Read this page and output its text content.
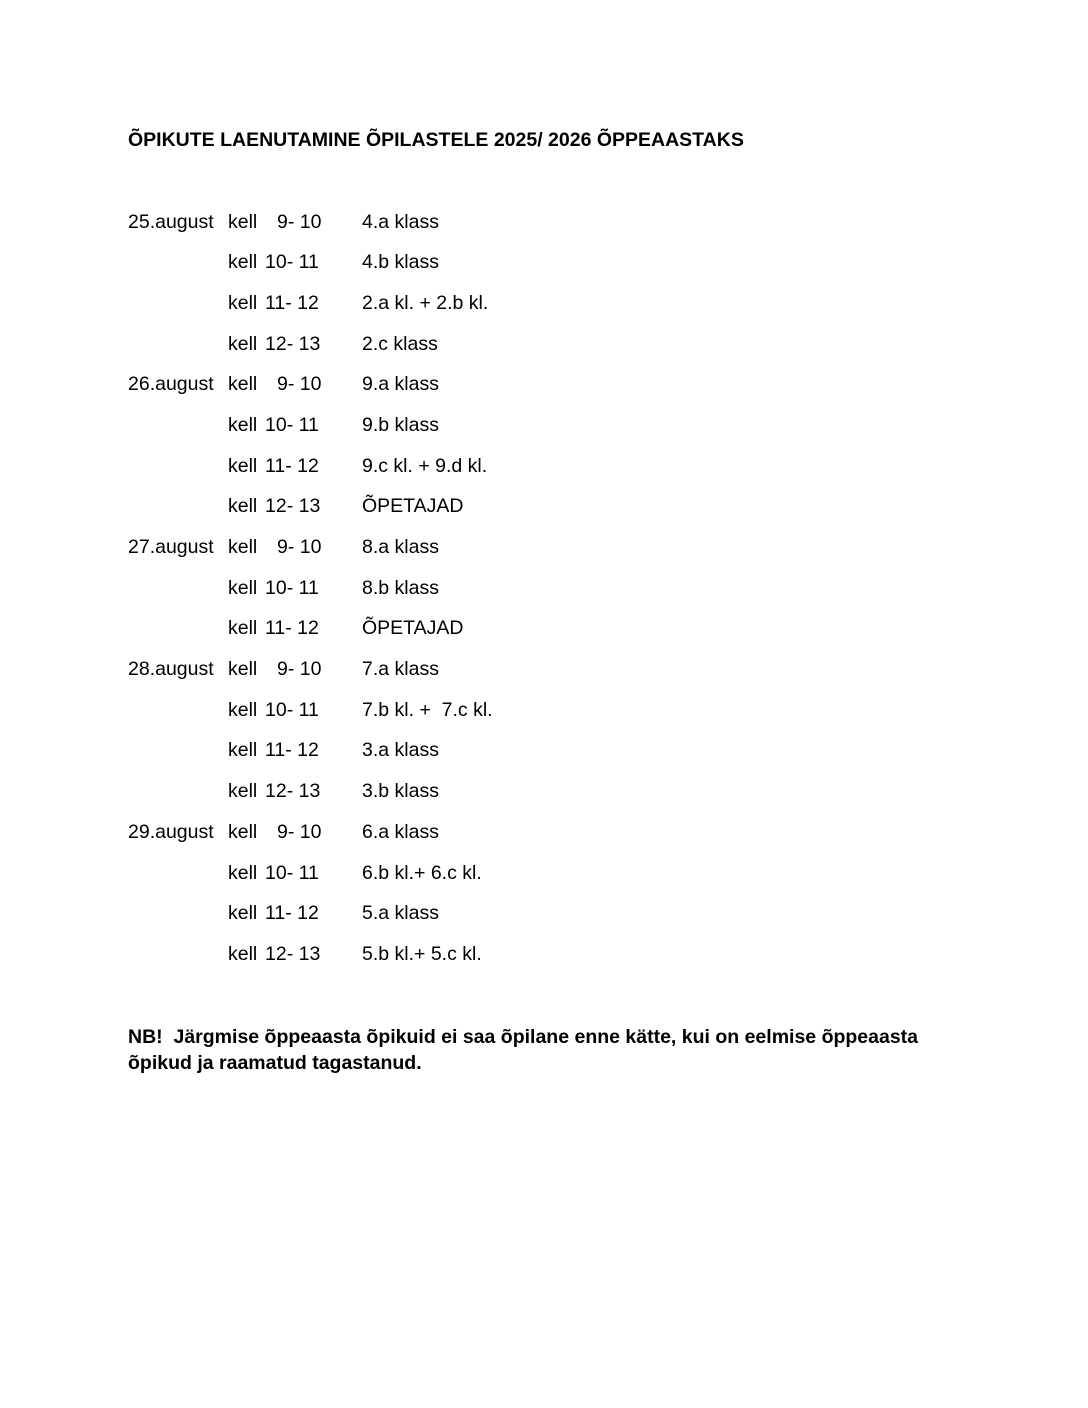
ÕPIKUTE LAENUTAMINE ÕPILASTELE 2025/ 2026 ÕPPEAASTAKS
25.august kell 9- 10 4.a klass
kell 10- 11 4.b klass
kell 11- 12 2.a kl. + 2.b kl.
kell 12- 13 2.c klass
26.august kell 9- 10 9.a klass
kell 10- 11 9.b klass
kell 11- 12 9.c kl. + 9.d kl.
kell 12- 13 ÕPETAJAD
27.august kell 9- 10 8.a klass
kell 10- 11 8.b klass
kell 11- 12 ÕPETAJAD
28.august kell 9- 10 7.a klass
kell 10- 11 7.b kl. +  7.c kl.
kell 11- 12 3.a klass
kell 12- 13 3.b klass
29.august kell 9- 10 6.a klass
kell 10- 11 6.b kl.+ 6.c kl.
kell 11- 12 5.a klass
kell 12- 13 5.b kl.+ 5.c kl.
NB!  Järgmise õppeaasta õpikuid ei saa õpilane enne kätte, kui on eelmise õppeaasta õpikud ja raamatud tagastanud.
